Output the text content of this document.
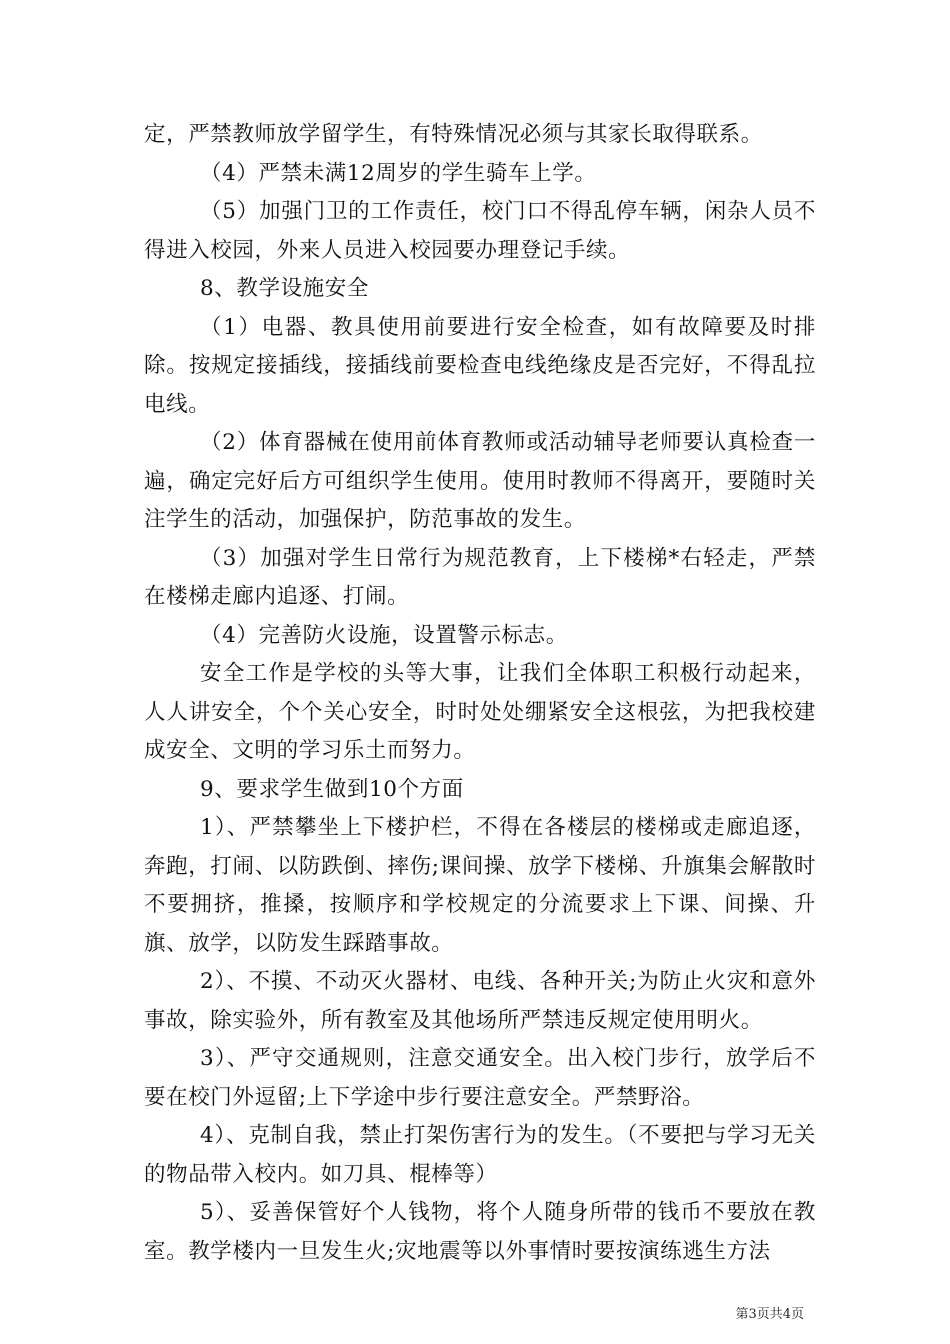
定，严禁教师放学留学生，有特殊情况必须与其家长取得联系。

（4）严禁未满12周岁的学生骑车上学。

（5）加强门卫的工作责任，校门口不得乱停车辆，闲杂人员不得进入校园，外来人员进入校园要办理登记手续。

8、教学设施安全

（1）电器、教具使用前要进行安全检查，如有故障要及时排除。按规定接插线，接插线前要检查电线绝缘皮是否完好，不得乱拉电线。

（2）体育器械在使用前体育教师或活动辅导老师要认真检查一遍，确定完好后方可组织学生使用。使用时教师不得离开，要随时关注学生的活动，加强保护，防范事故的发生。

（3）加强对学生日常行为规范教育，上下楼梯*右轻走，严禁在楼梯走廊内追逐、打闹。

（4）完善防火设施，设置警示标志。

安全工作是学校的头等大事，让我们全体职工积极行动起来，人人讲安全，个个关心安全，时时处处绷紧安全这根弦，为把我校建成安全、文明的学习乐土而努力。

9、要求学生做到10个方面

1）、严禁攀坐上下楼护栏，不得在各楼层的楼梯或走廊追逐，奔跑，打闹、以防跌倒、摔伤;课间操、放学下楼梯、升旗集会解散时不要拥挤，推搡，按顺序和学校规定的分流要求上下课、间操、升旗、放学，以防发生踩踏事故。

2）、不摸、不动灭火器材、电线、各种开关;为防止火灾和意外事故，除实验外，所有教室及其他场所严禁违反规定使用明火。

3）、严守交通规则，注意交通安全。出入校门步行，放学后不要在校门外逗留;上下学途中步行要注意安全。严禁野浴。

4）、克制自我，禁止打架伤害行为的发生。（不要把与学习无关的物品带入校内。如刀具、棍棒等）

5）、妥善保管好个人钱物，将个人随身所带的钱币不要放在教室。教学楼内一旦发生火;灾地震等以外事情时要按演练逃生方法

第3页共4页
